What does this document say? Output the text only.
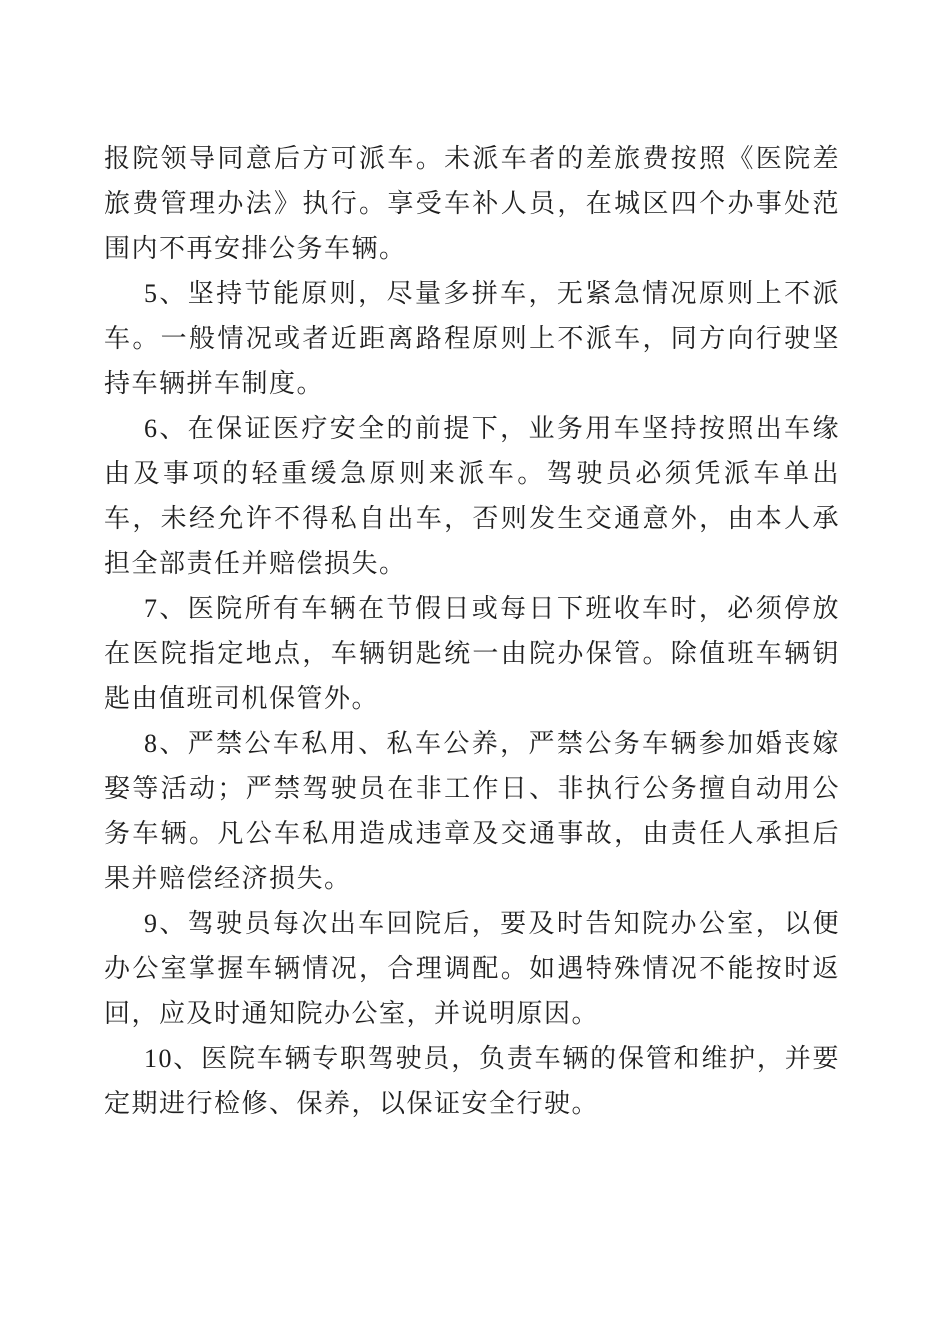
报院领导同意后方可派车。未派车者的差旅费按照《医院差旅费管理办法》执行。享受车补人员，在城区四个办事处范围内不再安排公务车辆。

5、坚持节能原则，尽量多拼车，无紧急情况原则上不派车。一般情况或者近距离路程原则上不派车，同方向行驶坚持车辆拼车制度。

6、在保证医疗安全的前提下，业务用车坚持按照出车缘由及事项的轻重缓急原则来派车。驾驶员必须凭派车单出车，未经允许不得私自出车，否则发生交通意外，由本人承担全部责任并赔偿损失。

7、医院所有车辆在节假日或每日下班收车时，必须停放在医院指定地点，车辆钥匙统一由院办保管。除值班车辆钥匙由值班司机保管外。

8、严禁公车私用、私车公养，严禁公务车辆参加婚丧嫁娶等活动；严禁驾驶员在非工作日、非执行公务擅自动用公务车辆。凡公车私用造成违章及交通事故，由责任人承担后果并赔偿经济损失。

9、驾驶员每次出车回院后，要及时告知院办公室，以便办公室掌握车辆情况，合理调配。如遇特殊情况不能按时返回，应及时通知院办公室，并说明原因。

10、医院车辆专职驾驶员，负责车辆的保管和维护，并要定期进行检修、保养，以保证安全行驶。
